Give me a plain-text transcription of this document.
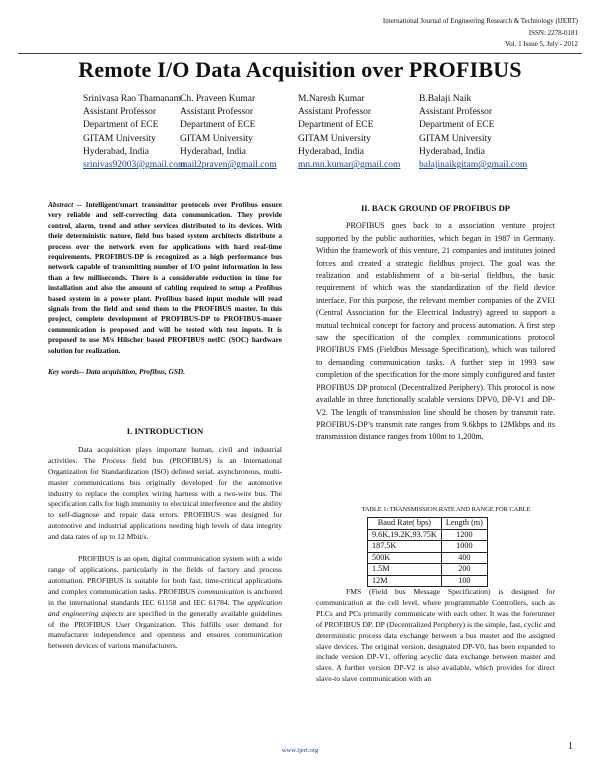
International Journal of Engineering Research & Technology (IJERT)
ISSN: 2278-0181
Vol. 1 Issue 5, July - 2012
Remote I/O Data Acquisition over PROFIBUS
Srinivasa Rao Thamanam
Assistant Professor
Department of ECE
GITAM University
Hyderabad, India
srinivas92003@gmail.com
Ch. Praveen Kumar
Assistant Professor
Department of ECE
GITAM University
Hyderabad, India
mail2praven@gmail.com
M.Naresh Kumar
Assistant Professor
Department of ECE
GITAM University
Hyderabad, India
mn.mn.kumar@gmail.com
B.Balaji Naik
Assistant Professor
Department of ECE
GITAM University
Hyderabad, India
balajinaikgitam@gmail.com
Abstract -- Intelligent/smart transmitter protocols over Profibus ensure very reliable and self-correcting data communication. They provide control, alarm, trend and other services distributed to its devices. With their deterministic nature, field bus based system architects distribute a process over the network even for applications with hard real-time requirements. PROFIBUS-DP is recognized as a high performance bus network capable of transmitting number of I/O point information in less than a few milliseconds. There is a considerable reduction in time for installation and also the amount of cabling required to setup a Profibus based system in a power plant. Profibus based input module will read signals from the field and send them to the PROFIBUS master. In this project, complete development of PROFIBUS-DP to PROFIBUS-maser communication is proposed and will be tested with test inputs. It is proposed to use M/s Hilscher based PROFIBUS netIC (SOC) hardware solution for realization.
Key words-- Data acquisition, Profibus, GSD.
I. INTRODUCTION

Data acquisition plays important human, civil and industrial activities. The Process field bus (PROFIBUS) is an International Organization for Standardization (ISO) defined serial, asynchronous, multi-master communications bus originally developed for the automotive industry to replace the complex wiring harness with a two-wire bus. The specification calls for high immunity to electrical interference and the ability to self-diagnose and repair data errors. PROFIBUS was designed for automotive and industrial applications needing high levels of data integrity and data rates of up to 12 Mbit/s.

PROFIBUS is an open, digital communication system with a wide range of applications, particularly in the fields of factory and process automation. PROFIBUS is suitable for both fast, time-critical applications and complex communication tasks. PROFIBUS communication is anchored in the international standards IEC 61158 and IEC 61784. The application and engineering aspects are specified in the generally available guidelines of the PROFIBUS User Organization. This fulfills user demand for manufacturer independence and openness and ensures communication between devices of various manufacturers.

II. BACK GROUND OF PROFIBUS DP

PROFIBUS goes back to a association venture project supported by the public authorities, which began in 1987 in Germany. Within the framework of this venture, 21 companies and institutes joined forces and created a strategic fieldbus project. The goal was the realization and establishment of a bit-serial fieldbus, the basic requirement of which was the standardization of the field device interface. For this purpose, the relevant member companies of the ZVEI (Central Association for the Electrical Industry) agreed to support a mutual technical concept for factory and process automation. A first step saw the specification of the complex communications protocol PROFIBUS FMS (Fieldbus Message Specification), which was tailored to demanding communication tasks. A further step in 1993 saw completion of the specification for the more simply configured and faster PROFIBUS DP protocol (Decentralized Periphery). This protocol is now available in three functionally scalable versions DPV0, DP-V1 and DP-V2. The length of transmission line should be chosen by transmit rate. PROFIBUS-DP’s transmit rate ranges from 9.6kbps to 12Mkbps and its transmission distance ranges from 100m to 1,200m.

TABLE 1: TRANSMISSION RATE AND RANGE FOR CABLE
Baud Rate( bps)	Length (m)
9.6K,19.2K,93.75K	1200
187.5K	1000
500K	400
1.5M	200
12M	100

FMS (Field bus Message Specification) is designed for communication at the cell level, where programmable Controllers, such as PLCs and PCs primarily communicate with each other. It was the forerunner of PROFIBUS DP. DP (Decentralized Periphery) is the simple, fast, cyclic and deterministic process data exchange between a bus master and the assigned slave devices. The original version, designated DP-V0, has been expanded to include version DP-V1, offering acyclic data exchange between master and slave. A further version DP-V2 is also available, which provides for direct slave-to slave communication with an

www.ijert.org	1
